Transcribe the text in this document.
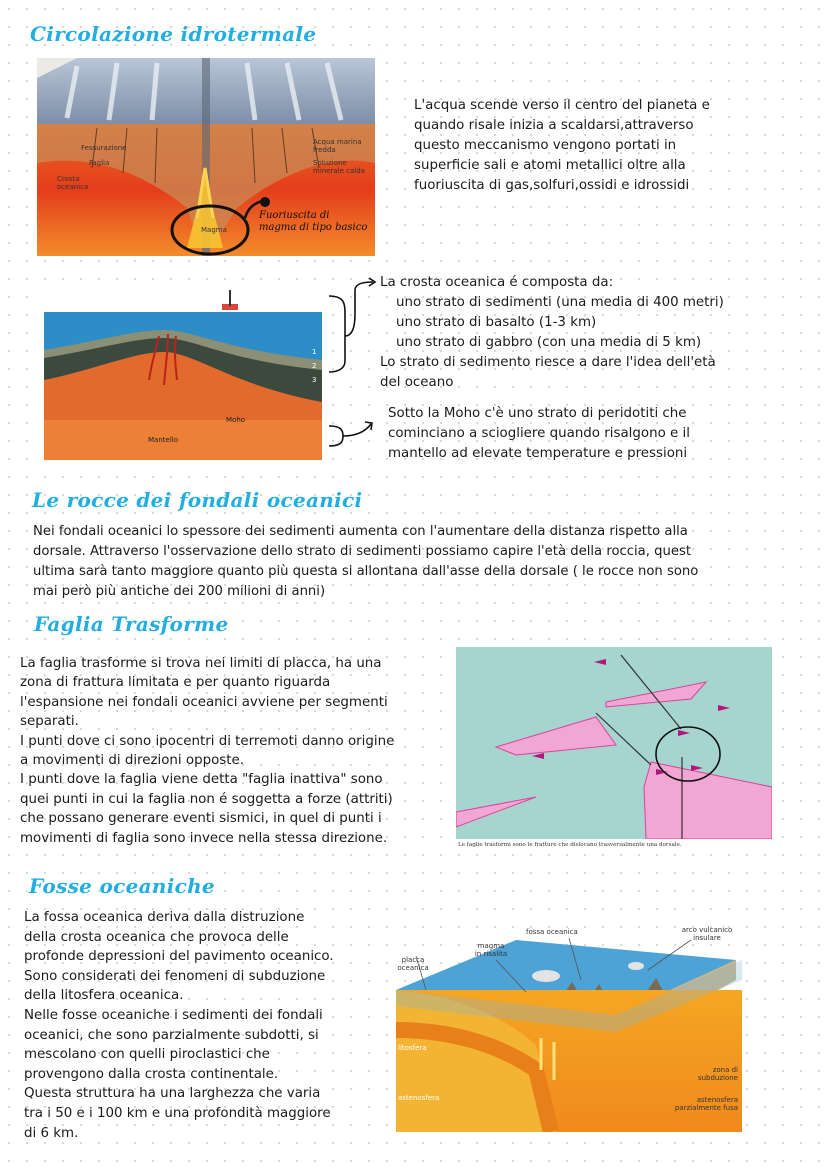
Circolazione idrotermale
Fessurazione
Faglia
Crosta oceanica
Acqua marina fredda
Soluzione minerale calda
Magma
Fuoriuscita di magma di tipo basico
L'acqua scende verso il centro del pianeta e
quando risale inizia a scaldarsi,attraverso
questo meccanismo vengono portati in
superficie sali e atomi metallici oltre alla
fuoriuscita di gas,solfuri,ossidi e idrossidi
1
2
3
Moho
Mantello
La crosta oceanica é composta da:
uno strato di sedimenti (una media di 400 metri)
uno strato di basalto (1-3 km)
uno strato di gabbro (con una media di 5 km)
Lo strato di sedimento riesce a dare l'idea dell'età
del oceano
Sotto la Moho c'è uno strato di peridotiti che
cominciano a sciogliere quando risalgono e il
mantello ad elevate temperature e pressioni
Le rocce dei fondali oceanici
Nei fondali oceanici lo spessore dei sedimenti aumenta con l'aumentare della distanza rispetto alla
dorsale. Attraverso l'osservazione dello strato di sedimenti possiamo capire l'età della roccia, quest
ultima sarà tanto maggiore quanto più questa si allontana dall'asse della dorsale ( le rocce non sono
mai però più antiche dei 200 milioni di anni)
Faglia Trasforme
La faglia trasforme si trova nei limiti di placca, ha una
zona di frattura limitata e per quanto riguarda
l'espansione nei fondali oceanici avviene per segmenti
separati.
I punti dove ci sono ipocentri di terremoti danno origine
a movimenti di direzioni opposte.
I punti dove la faglia viene detta "faglia inattiva" sono
quei punti in cui la faglia non é soggetta a forze (attriti)
che possano generare eventi sismici, in quel di punti i
movimenti di faglia sono invece nella stessa direzione.	Le faglie trasformi sono le fratture che dislocano trasversalmente una dorsale.
Fosse oceaniche
La fossa oceanica deriva dalla distruzione
della crosta oceanica che provoca delle
profonde depressioni del pavimento oceanico.
Sono considerati dei fenomeni di subduzione
della litosfera oceanica.
Nelle fosse oceaniche i sedimenti dei fondali
oceanici, che sono parzialmente subdotti, si
mescolano con quelli piroclastici che
provengono dalla crosta continentale.
Questa struttura ha una larghezza che varia
tra i 50 e i 100 km e una profondità maggiore
di 6 km.
fossa oceanica	arco vulcanico insulare
magma in risalita
placca oceanica
litosfera
astenosfera
zona di subduzione
astenosfera parzialmente fusa
